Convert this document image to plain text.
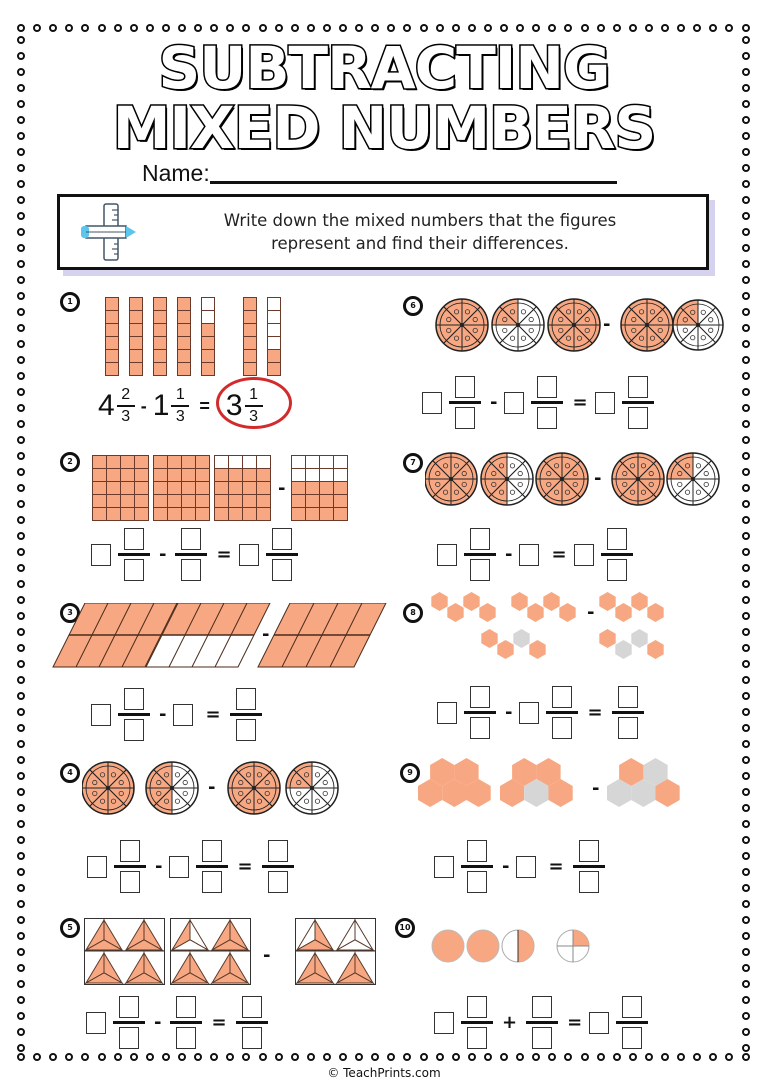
SUBTRACTING
MIXED NUMBERS
Name:
Write down the mixed numbers that the figures
represent and find their differences.
1
4 2
3
- 1 1
3
= 3 1
3
2
-
-	=
3
-
- =
4
-
-	=
5
-
-	=
6
-
-	=
7
-
- =
8	-
-	=
9
-
- =
10
+	=
© TeachPrints.com
